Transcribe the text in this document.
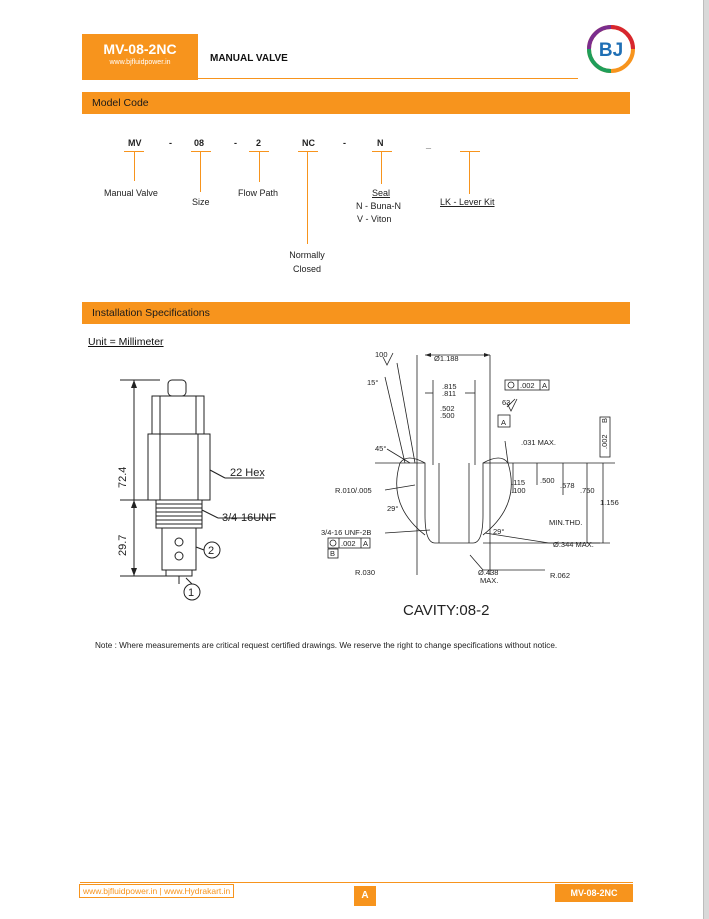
MV-08-2NC
www.bjfluidpower.in	MANUAL VALVE	BJ
Model Code
MV	- 08	- 2	NC	-	N	_
Manual Valve
Size
Flow Path
Normally
Closed
Seal
N - Buna-N
V - Viton
LK - Lever Kit
Installation Specifications
Unit = Millimeter
72.4
29.7
22 Hex
3/4-16UNF
2
1
100	Ø1.188
15°	.815
.811
.502
.500
63
A
.002 A
.031 MAX.
45°
R.010/.005
.115
.100
.500
.578
.750
1.156
29°
29°
MIN.THD.
3/4-16 UNF-2B
.002 A
B
Ø.344 MAX.
R.030	Ø.438
MAX.
R.062
.002
B
CAVITY:08-2
Note : Where measurements are critical request certified drawings. We reserve the right to change specifications without notice.
www.bjfluidpower.in | www.Hydrakart.in	A	MV-08-2NC
